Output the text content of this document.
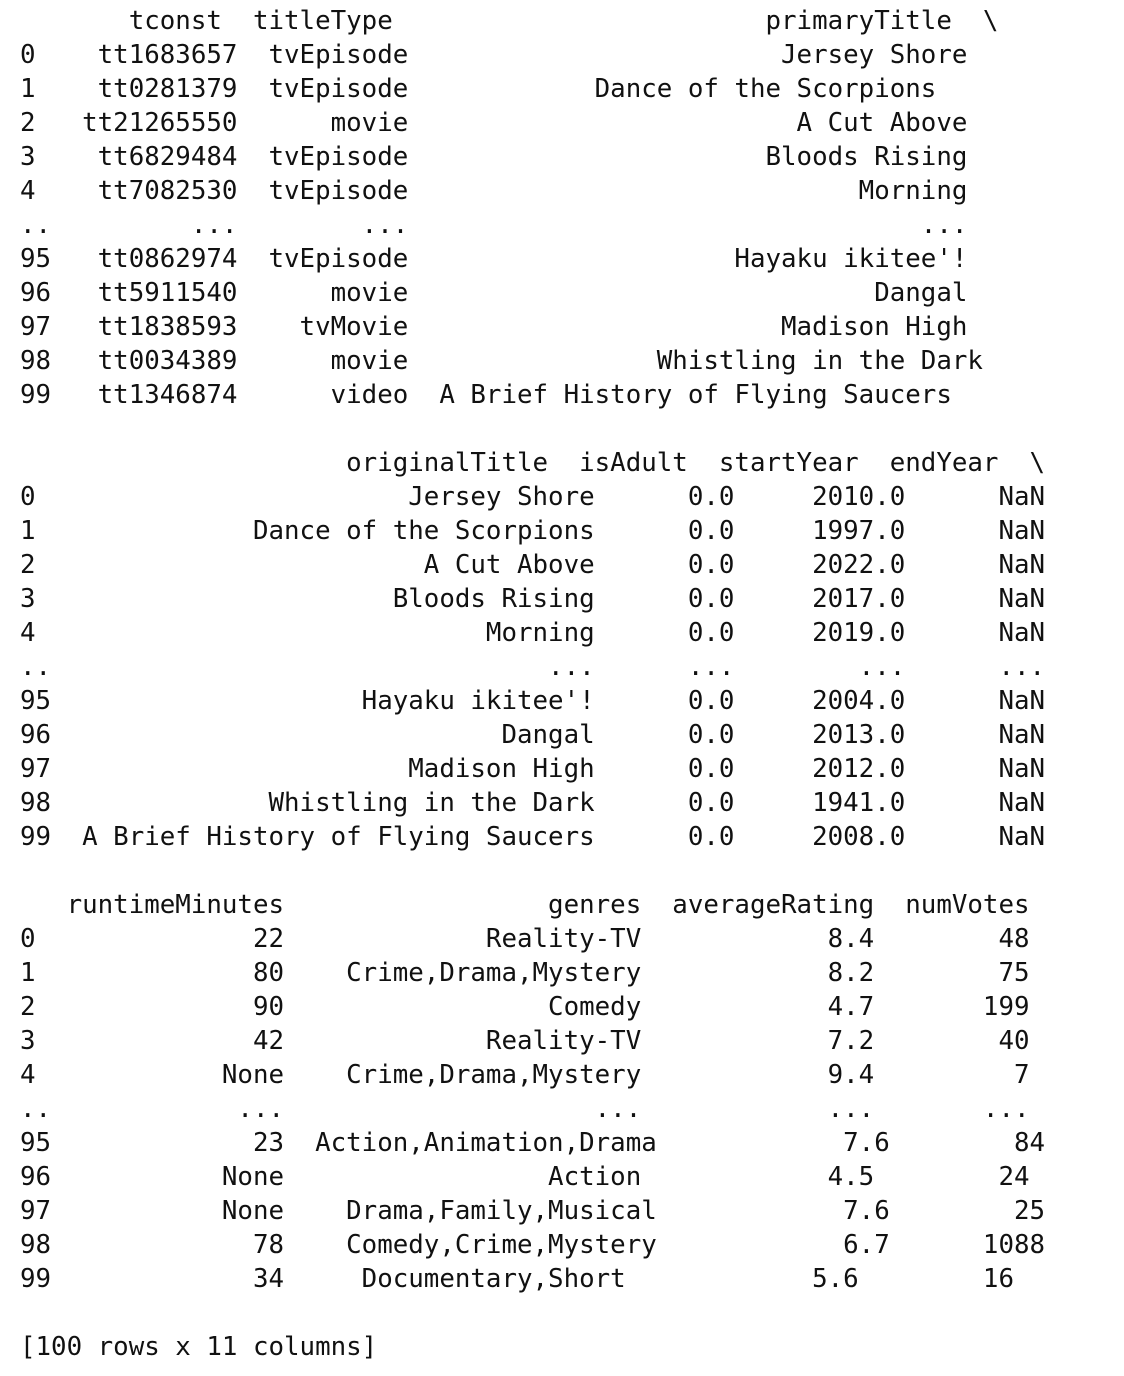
tconst  titleType                        primaryTitle  \
0    tt1683657  tvEpisode                        Jersey Shore
1    tt0281379  tvEpisode            Dance of the Scorpions
2   tt21265550      movie                         A Cut Above
3    tt6829484  tvEpisode                       Bloods Rising
4    tt7082530  tvEpisode                             Morning
..         ...        ...                                 ...
95   tt0862974  tvEpisode                     Hayaku ikitee'!
96   tt5911540      movie                              Dangal
97   tt1838593    tvMovie                        Madison High
98   tt0034389      movie                Whistling in the Dark
99   tt1346874      video  A Brief History of Flying Saucers
originalTitle  isAdult  startYear  endYear  \
0                        Jersey Shore      0.0     2010.0      NaN
1              Dance of the Scorpions      0.0     1997.0      NaN
2                         A Cut Above      0.0     2022.0      NaN
3                       Bloods Rising      0.0     2017.0      NaN
4                             Morning      0.0     2019.0      NaN
..                                ...      ...        ...      ...
95                    Hayaku ikitee'!      0.0     2004.0      NaN
96                             Dangal      0.0     2013.0      NaN
97                       Madison High      0.0     2012.0      NaN
98              Whistling in the Dark      0.0     1941.0      NaN
99  A Brief History of Flying Saucers      0.0     2008.0      NaN
runtimeMinutes                 genres  averageRating  numVotes
0              22             Reality-TV            8.4        48
1              80    Crime,Drama,Mystery            8.2        75
2              90                 Comedy            4.7       199
3              42             Reality-TV            7.2        40
4            None    Crime,Drama,Mystery            9.4         7
..            ...                    ...            ...       ...
95             23  Action,Animation,Drama            7.6        84
96           None                 Action            4.5        24
97           None    Drama,Family,Musical            7.6        25
98             78    Comedy,Crime,Mystery            6.7      1088
99             34     Documentary,Short            5.6        16
[100 rows x 11 columns]
